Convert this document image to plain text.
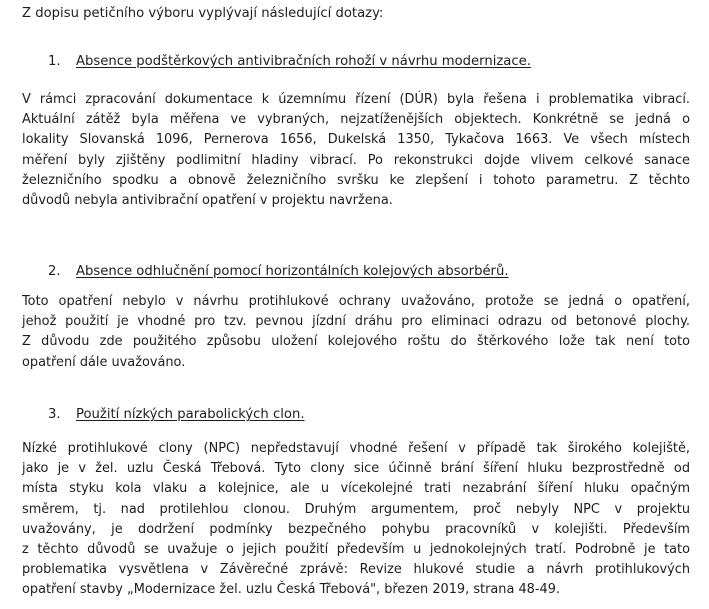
Z dopisu petičního výboru vyplývají následující dotazy:
1. Absence podštěrkových antivibračních rohoží v návrhu modernizace.
V rámci zpracování dokumentace k územnímu řízení (DÚR) byla řešena i problematika vibrací.
Aktuální zátěž byla měřena ve vybraných, nejzatíženějších objektech. Konkrétně se jedná o
lokality Slovanská 1096, Pernerova 1656, Dukelská 1350, Tykačova 1663. Ve všech místech
měření byly zjištěny podlimitní hladiny vibrací. Po rekonstrukci dojde vlivem celkové sanace
železničního spodku a obnově železničního svršku ke zlepšení i tohoto parametru. Z těchto
důvodů nebyla antivibrační opatření v projektu navržena.
2. Absence odhlučnění pomocí horizontálních kolejových absorbérů.
Toto opatření nebylo v návrhu protihlukové ochrany uvažováno, protože se jedná o opatření,
jehož použití je vhodné pro tzv. pevnou jízdní dráhu pro eliminaci odrazu od betonové plochy.
Z důvodu zde použitého způsobu uložení kolejového roštu do štěrkového lože tak není toto
opatření dále uvažováno.
3. Použití nízkých parabolických clon.
Nízké protihlukové clony (NPC) nepředstavují vhodné řešení v případě tak širokého kolejiště,
jako je v žel. uzlu Česká Třebová. Tyto clony sice účinně brání šíření hluku bezprostředně od
místa styku kola vlaku a kolejnice, ale u vícekolejné trati nezabrání šíření hluku opačným
směrem, tj. nad protilehlou clonou. Druhým argumentem, proč nebyly NPC v projektu
uvažovány, je dodržení podmínky bezpečného pohybu pracovníků v kolejišti. Především
z těchto důvodů se uvažuje o jejich použití především u jednokolejných tratí. Podrobně je tato
problematika vysvětlena v Závěrečné zprávě: Revize hlukové studie a návrh protihlukových
opatření stavby „Modernizace žel. uzlu Česká Třebová", březen 2019, strana 48-49.
